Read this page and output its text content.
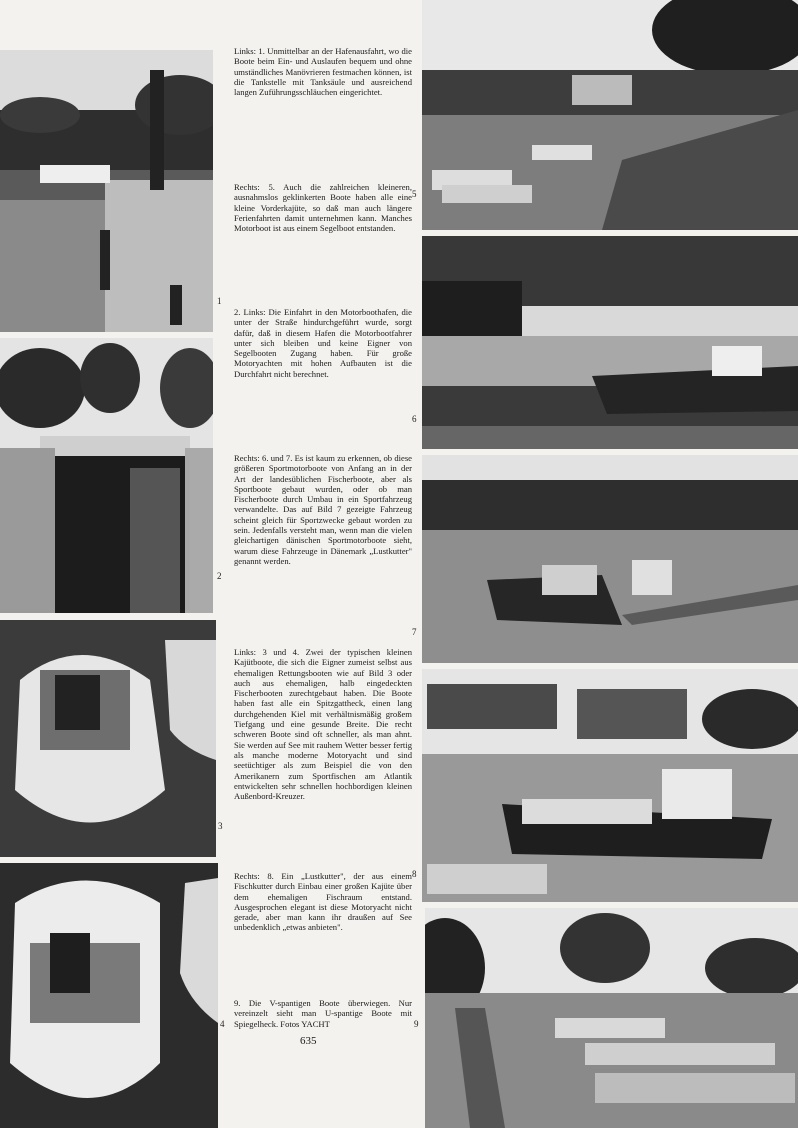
1
2
3
4
5
6
7
8
9
Links: 1. Unmittelbar an der Hafenausfahrt, wo die Boote beim Ein- und Auslaufen bequem und ohne umständliches Manövrieren festmachen können, ist die Tankstelle mit Tanksäule und ausreichend langen Zuführungsschläuchen eingerichtet.
Rechts: 5. Auch die zahlreichen kleineren, ausnahmslos geklinkerten Boote haben alle eine kleine Vorderkajüte, so daß man auch längere Ferienfahrten damit unternehmen kann. Manches Motorboot ist aus einem Segelboot entstanden.
2. Links: Die Einfahrt in den Motorboothafen, die unter der Straße hindurchgeführt wurde, sorgt dafür, daß in diesem Hafen die Motorbootfahrer unter sich bleiben und keine Eigner von Segelbooten Zugang haben. Für große Motoryachten mit hohen Aufbauten ist die Durchfahrt nicht berechnet.
Rechts: 6. und 7. Es ist kaum zu erkennen, ob diese größeren Sportmotorboote von Anfang an in der Art der landesüblichen Fischerboote, aber als Sportboote gebaut wurden, oder ob man Fischerboote durch Umbau in ein Sportfahrzeug verwandelte. Das auf Bild 7 gezeigte Fahrzeug scheint gleich für Sportzwecke gebaut worden zu sein. Jedenfalls versteht man, wenn man die vielen gleichartigen dänischen Sportmotorboote sieht, warum diese Fahrzeuge in Dänemark „Lustkutter" genannt werden.
Links: 3 und 4. Zwei der typischen kleinen Kajütboote, die sich die Eigner zumeist selbst aus ehemaligen Rettungsbooten wie auf Bild 3 oder auch aus ehemaligen, halb eingedeckten Fischerbooten zurechtgebaut haben. Die Boote haben fast alle ein Spitzgattheck, einen lang durchgehenden Kiel mit verhältnismäßig großem Tiefgang und eine gesunde Breite. Die recht schweren Boote sind oft schneller, als man ahnt. Sie werden auf See mit rauhem Wetter besser fertig als manche moderne Motoryacht und sind seetüchtiger als zum Beispiel die von den Amerikanern zum Sportfischen am Atlantik entwickelten sehr schnellen hochbordigen kleinen Außenbord-Kreuzer.
Rechts: 8. Ein „Lustkutter", der aus einem Fischkutter durch Einbau einer großen Kajüte über dem ehemaligen Fischraum entstand. Ausgesprochen elegant ist diese Motoryacht nicht gerade, aber man kann ihr draußen auf See unbedenklich „etwas anbieten".
9. Die V-spantigen Boote überwiegen. Nur vereinzelt sieht man U-spantige Boote mit Spiegelheck. Fotos YACHT
635
